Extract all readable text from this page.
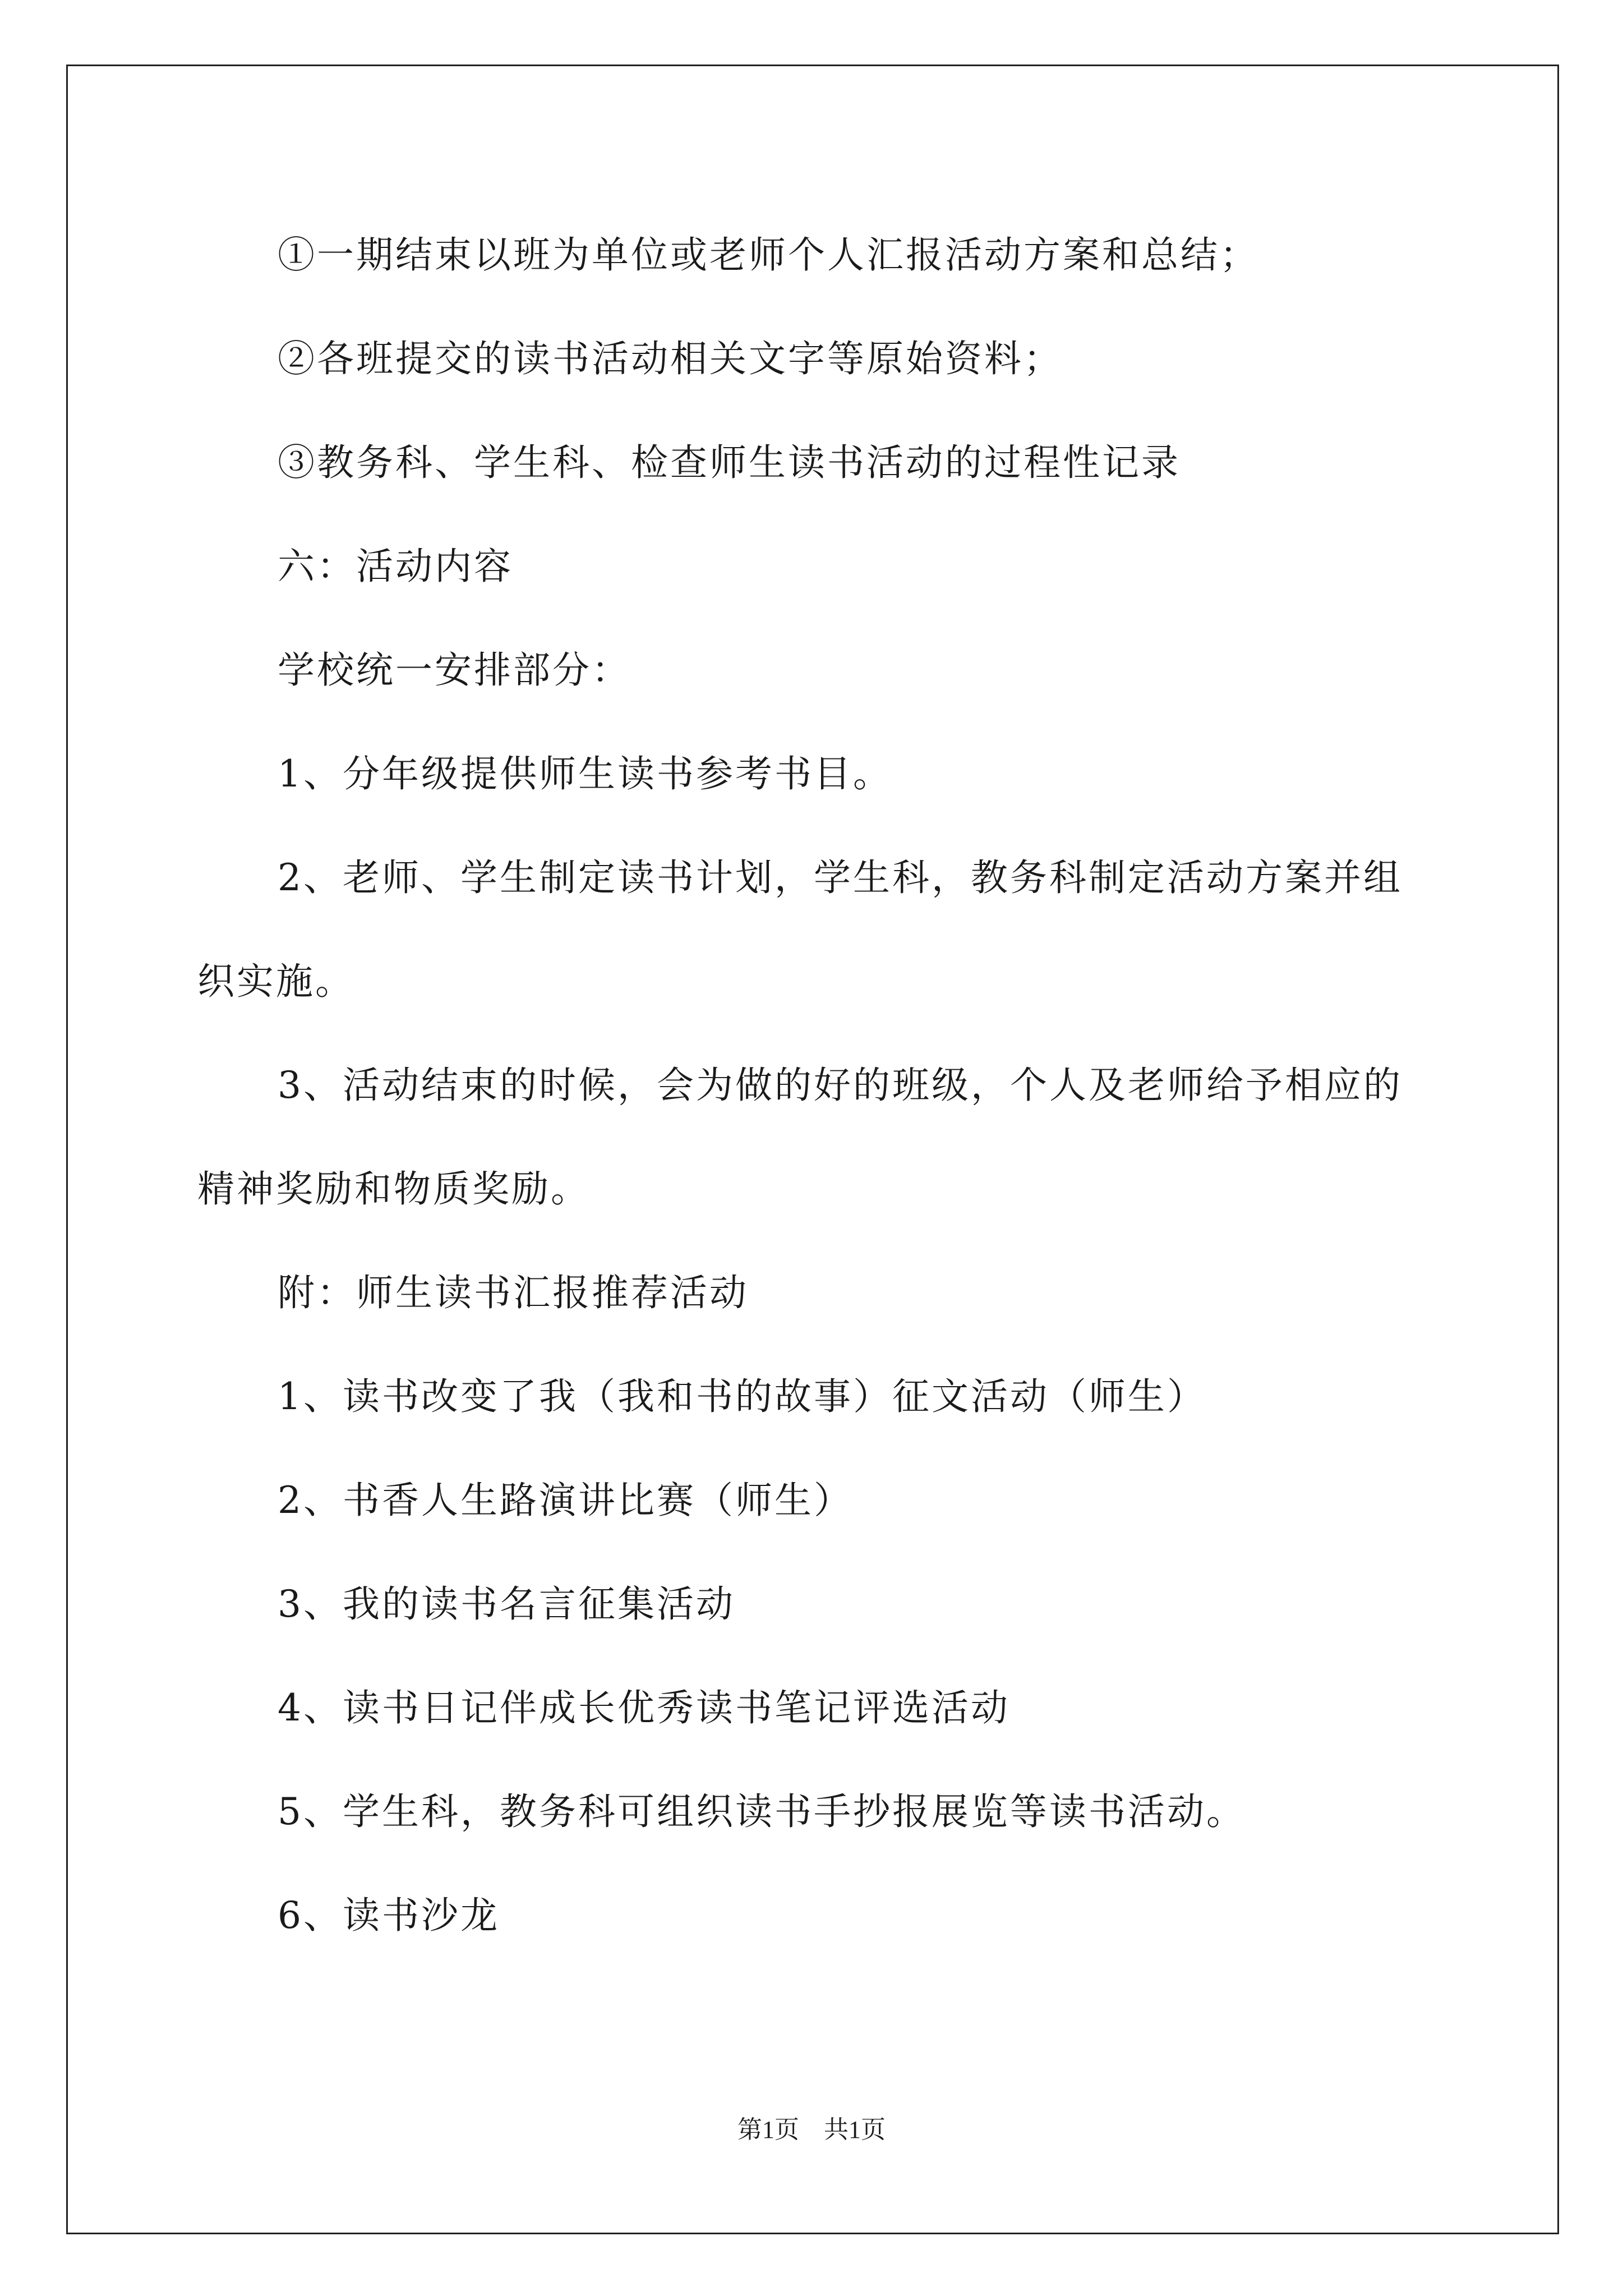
①一期结束以班为单位或老师个人汇报活动方案和总结；

②各班提交的读书活动相关文字等原始资料；

③教务科、学生科、检查师生读书活动的过程性记录

六：活动内容

学校统一安排部分：

1、分年级提供师生读书参考书目。

2、老师、学生制定读书计划，学生科，教务科制定活动方案并组

织实施。

3、活动结束的时候，会为做的好的班级，个人及老师给予相应的

精神奖励和物质奖励。

附：师生读书汇报推荐活动

1、读书改变了我（我和书的故事）征文活动（师生）

2、书香人生路演讲比赛（师生）

3、我的读书名言征集活动

4、读书日记伴成长优秀读书笔记评选活动

5、学生科，教务科可组织读书手抄报展览等读书活动。

6、读书沙龙

第1页　共1页
